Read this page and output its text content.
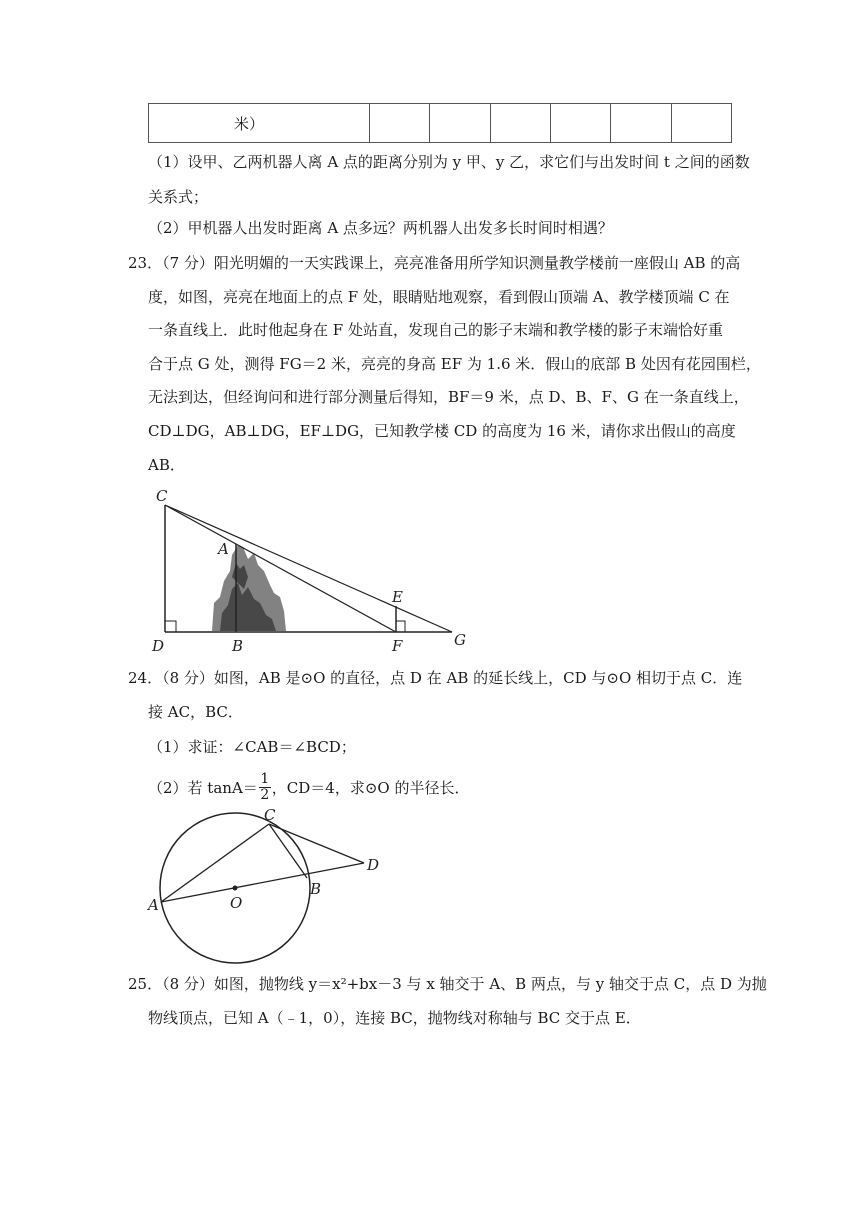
米）						
（1）设甲、乙两机器人离 A 点的距离分别为 y 甲、y 乙，求它们与出发时间 t 之间的函数
关系式；
（2）甲机器人出发时距离 A 点多远？两机器人出发多长时间时相遇？
23．（7 分）阳光明媚的一天实践课上，亮亮准备用所学知识测量教学楼前一座假山 AB 的高
度，如图，亮亮在地面上的点 F 处，眼睛贴地观察，看到假山顶端 A、教学楼顶端 C 在
一条直线上．此时他起身在 F 处站直，发现自己的影子末端和教学楼的影子末端恰好重
合于点 G 处，测得 FG＝2 米，亮亮的身高 EF 为 1.6 米．假山的底部 B 处因有花园围栏，
无法到达，但经询问和进行部分测量后得知，BF＝9 米，点 D、B、F、G 在一条直线上，
CD⊥DG，AB⊥DG，EF⊥DG，已知教学楼 CD 的高度为 16 米，请你求出假山的高度
AB．
C
A
E
D	B	F	G
24．（8 分）如图，AB 是⊙O 的直径，点 D 在 AB 的延长线上，CD 与⊙O 相切于点 C．连
接 AC，BC．
（1）求证：∠CAB＝∠BCD；
（2）若 $\tan A= \frac{1}{2}$ ，CD＝4，求⊙O 的半径长．
C
D
B
A	O
25．（8 分）如图，抛物线 y＝x²+bx－3 与 x 轴交于 A、B 两点，与 y 轴交于点 C，点 D 为抛
物线顶点，已知 A（﹣1，0），连接 BC，抛物线对称轴与 BC 交于点 E．
